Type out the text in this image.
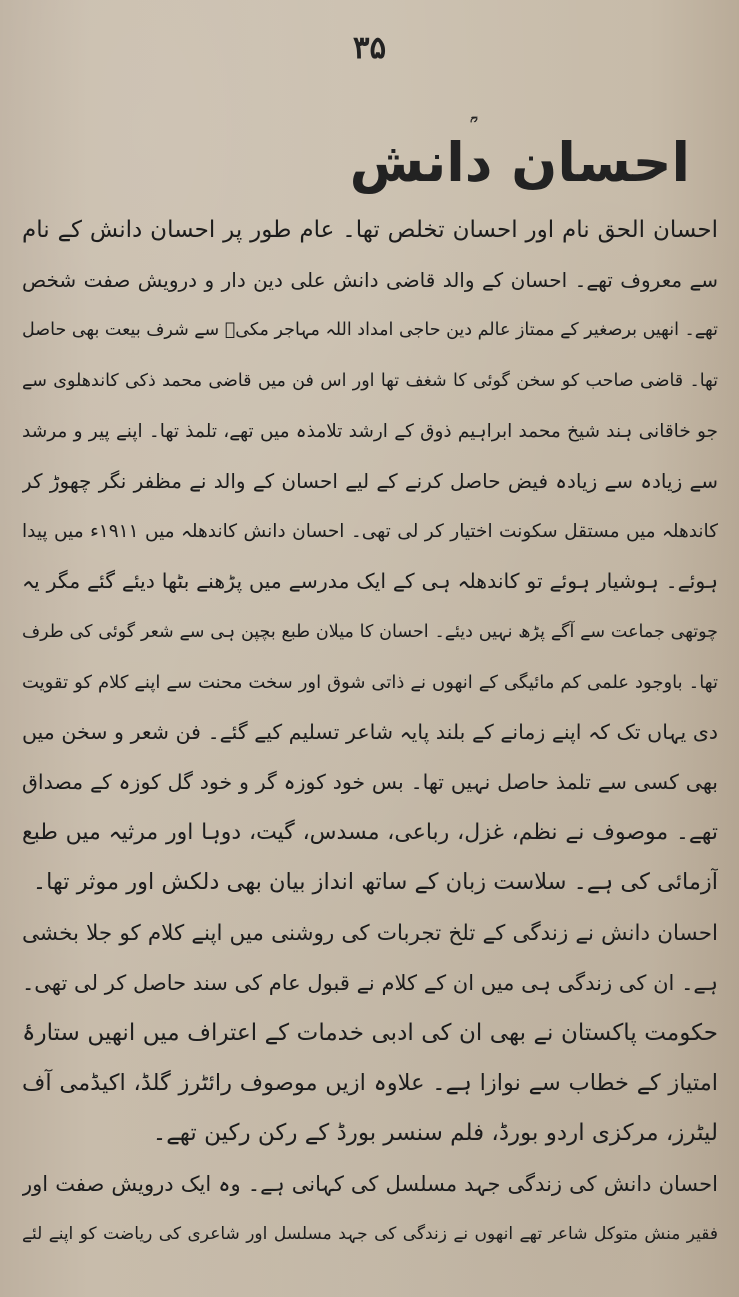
۳۵
احسان دانش
احسان الحق نام اور احسان تخلص تھا۔ عام طور پر احسان دانش کے نام
سے معروف تھے۔ احسان کے والد قاضی دانش علی دین دار و درویش صفت شخص
تھے۔ انھیں برصغیر کے ممتاز عالم دین حاجی امداد اللہ مہاجر مکیؒ سے شرف بیعت بھی حاصل
تھا۔ قاضی صاحب کو سخن گوئی کا شغف تھا اور اس فن میں قاضی محمد ذکی کاندھلوی سے
جو خاقانی ہند شیخ محمد ابراہیم ذوق کے ارشد تلامذہ میں تھے، تلمذ تھا۔ اپنے پیر و مرشد
سے زیادہ سے زیادہ فیض حاصل کرنے کے لیے احسان کے والد نے مظفر نگر چھوڑ کر
کاندھلہ میں مستقل سکونت اختیار کر لی تھی۔ احسان دانش کاندھلہ میں ۱۹۱۱ء میں پیدا
ہوئے۔ ہوشیار ہوئے تو کاندھلہ ہی کے ایک مدرسے میں پڑھنے بٹھا دیئے گئے مگر یہ
چوتھی جماعت سے آگے پڑھ نہیں دیئے۔ احسان کا میلان طبع بچپن ہی سے شعر گوئی کی طرف
تھا۔ باوجود علمی کم مائیگی کے انھوں نے ذاتی شوق اور سخت محنت سے اپنے کلام کو تقویت
دی یہاں تک کہ اپنے زمانے کے بلند پایہ شاعر تسلیم کیے گئے۔ فن شعر و سخن میں
بھی کسی سے تلمذ حاصل نہیں تھا۔ بس خود کوزہ گر و خود گل کوزہ کے مصداق
تھے۔ موصوف نے نظم، غزل، رباعی، مسدس، گیت، دوہا اور مرثیہ میں طبع
آزمائی کی ہے۔ سلاست زبان کے ساتھ انداز بیان بھی دلکش اور موثر تھا۔
احسان دانش نے زندگی کے تلخ تجربات کی روشنی میں اپنے کلام کو جلا بخشی
ہے۔ ان کی زندگی ہی میں ان کے کلام نے قبول عام کی سند حاصل کر لی تھی۔
حکومت پاکستان نے بھی ان کی ادبی خدمات کے اعتراف میں انھیں ستارۂ
امتیاز کے خطاب سے نوازا ہے۔ علاوہ ازیں موصوف رائٹرز گلڈ، اکیڈمی آف
لیٹرز، مرکزی اردو بورڈ، فلم سنسر بورڈ کے رکن رکین تھے۔
احسان دانش کی زندگی جہد مسلسل کی کہانی ہے۔ وہ ایک درویش صفت اور
فقیر منش متوکل شاعر تھے انھوں نے زندگی کی جہد مسلسل اور شاعری کی ریاضت کو اپنے لئے
